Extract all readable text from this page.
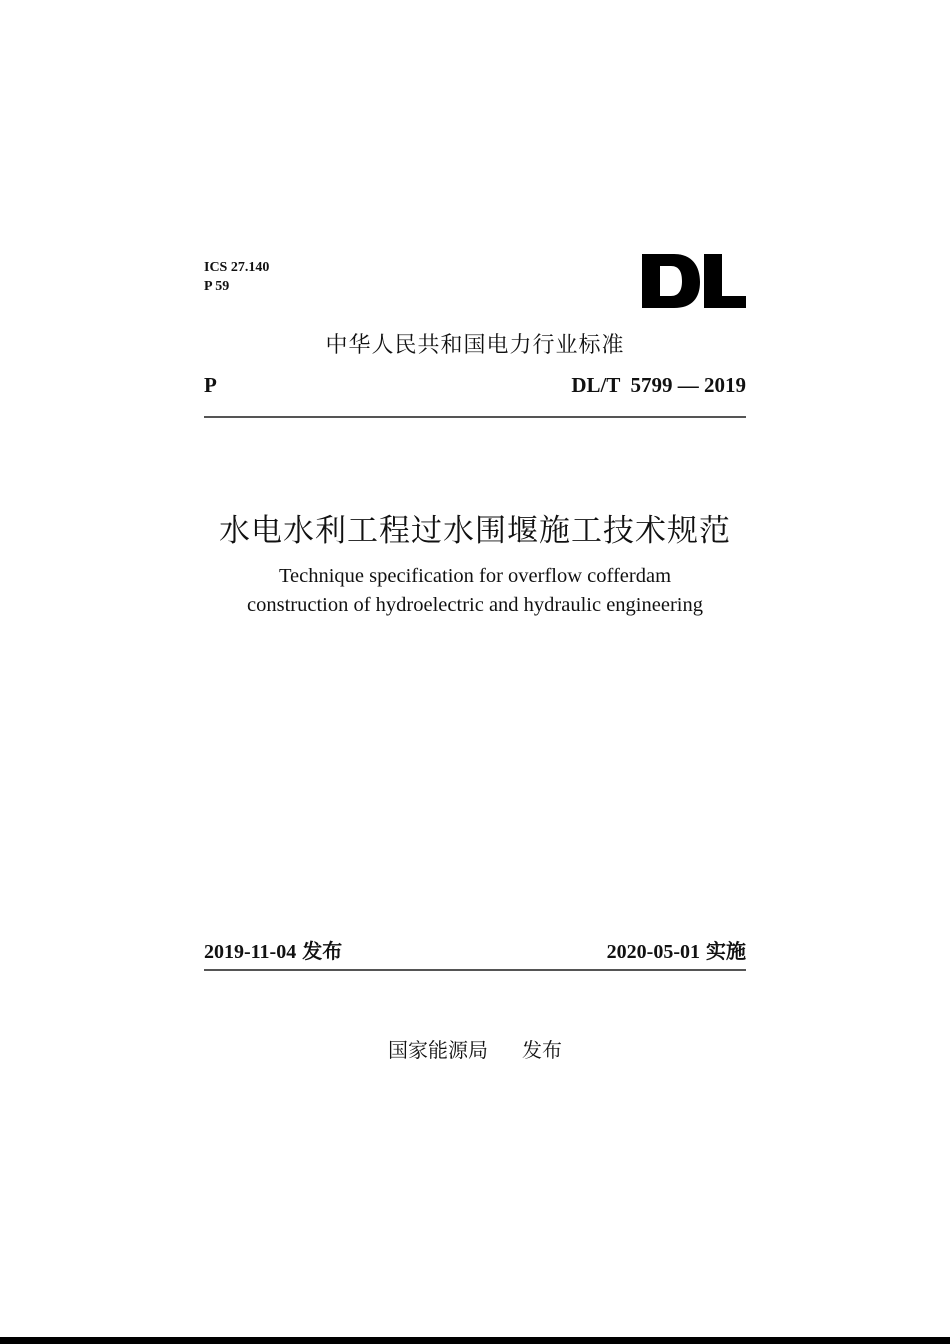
ICS 27.140
P 59
中华人民共和国电力行业标准
P	DL/T  5799 — 2019
水电水利工程过水围堰施工技术规范
Technique specification for overflow cofferdam
construction of hydroelectric and hydraulic engineering
2019-11-04 发布	2020-05-01 实施
国家能源局 发布
